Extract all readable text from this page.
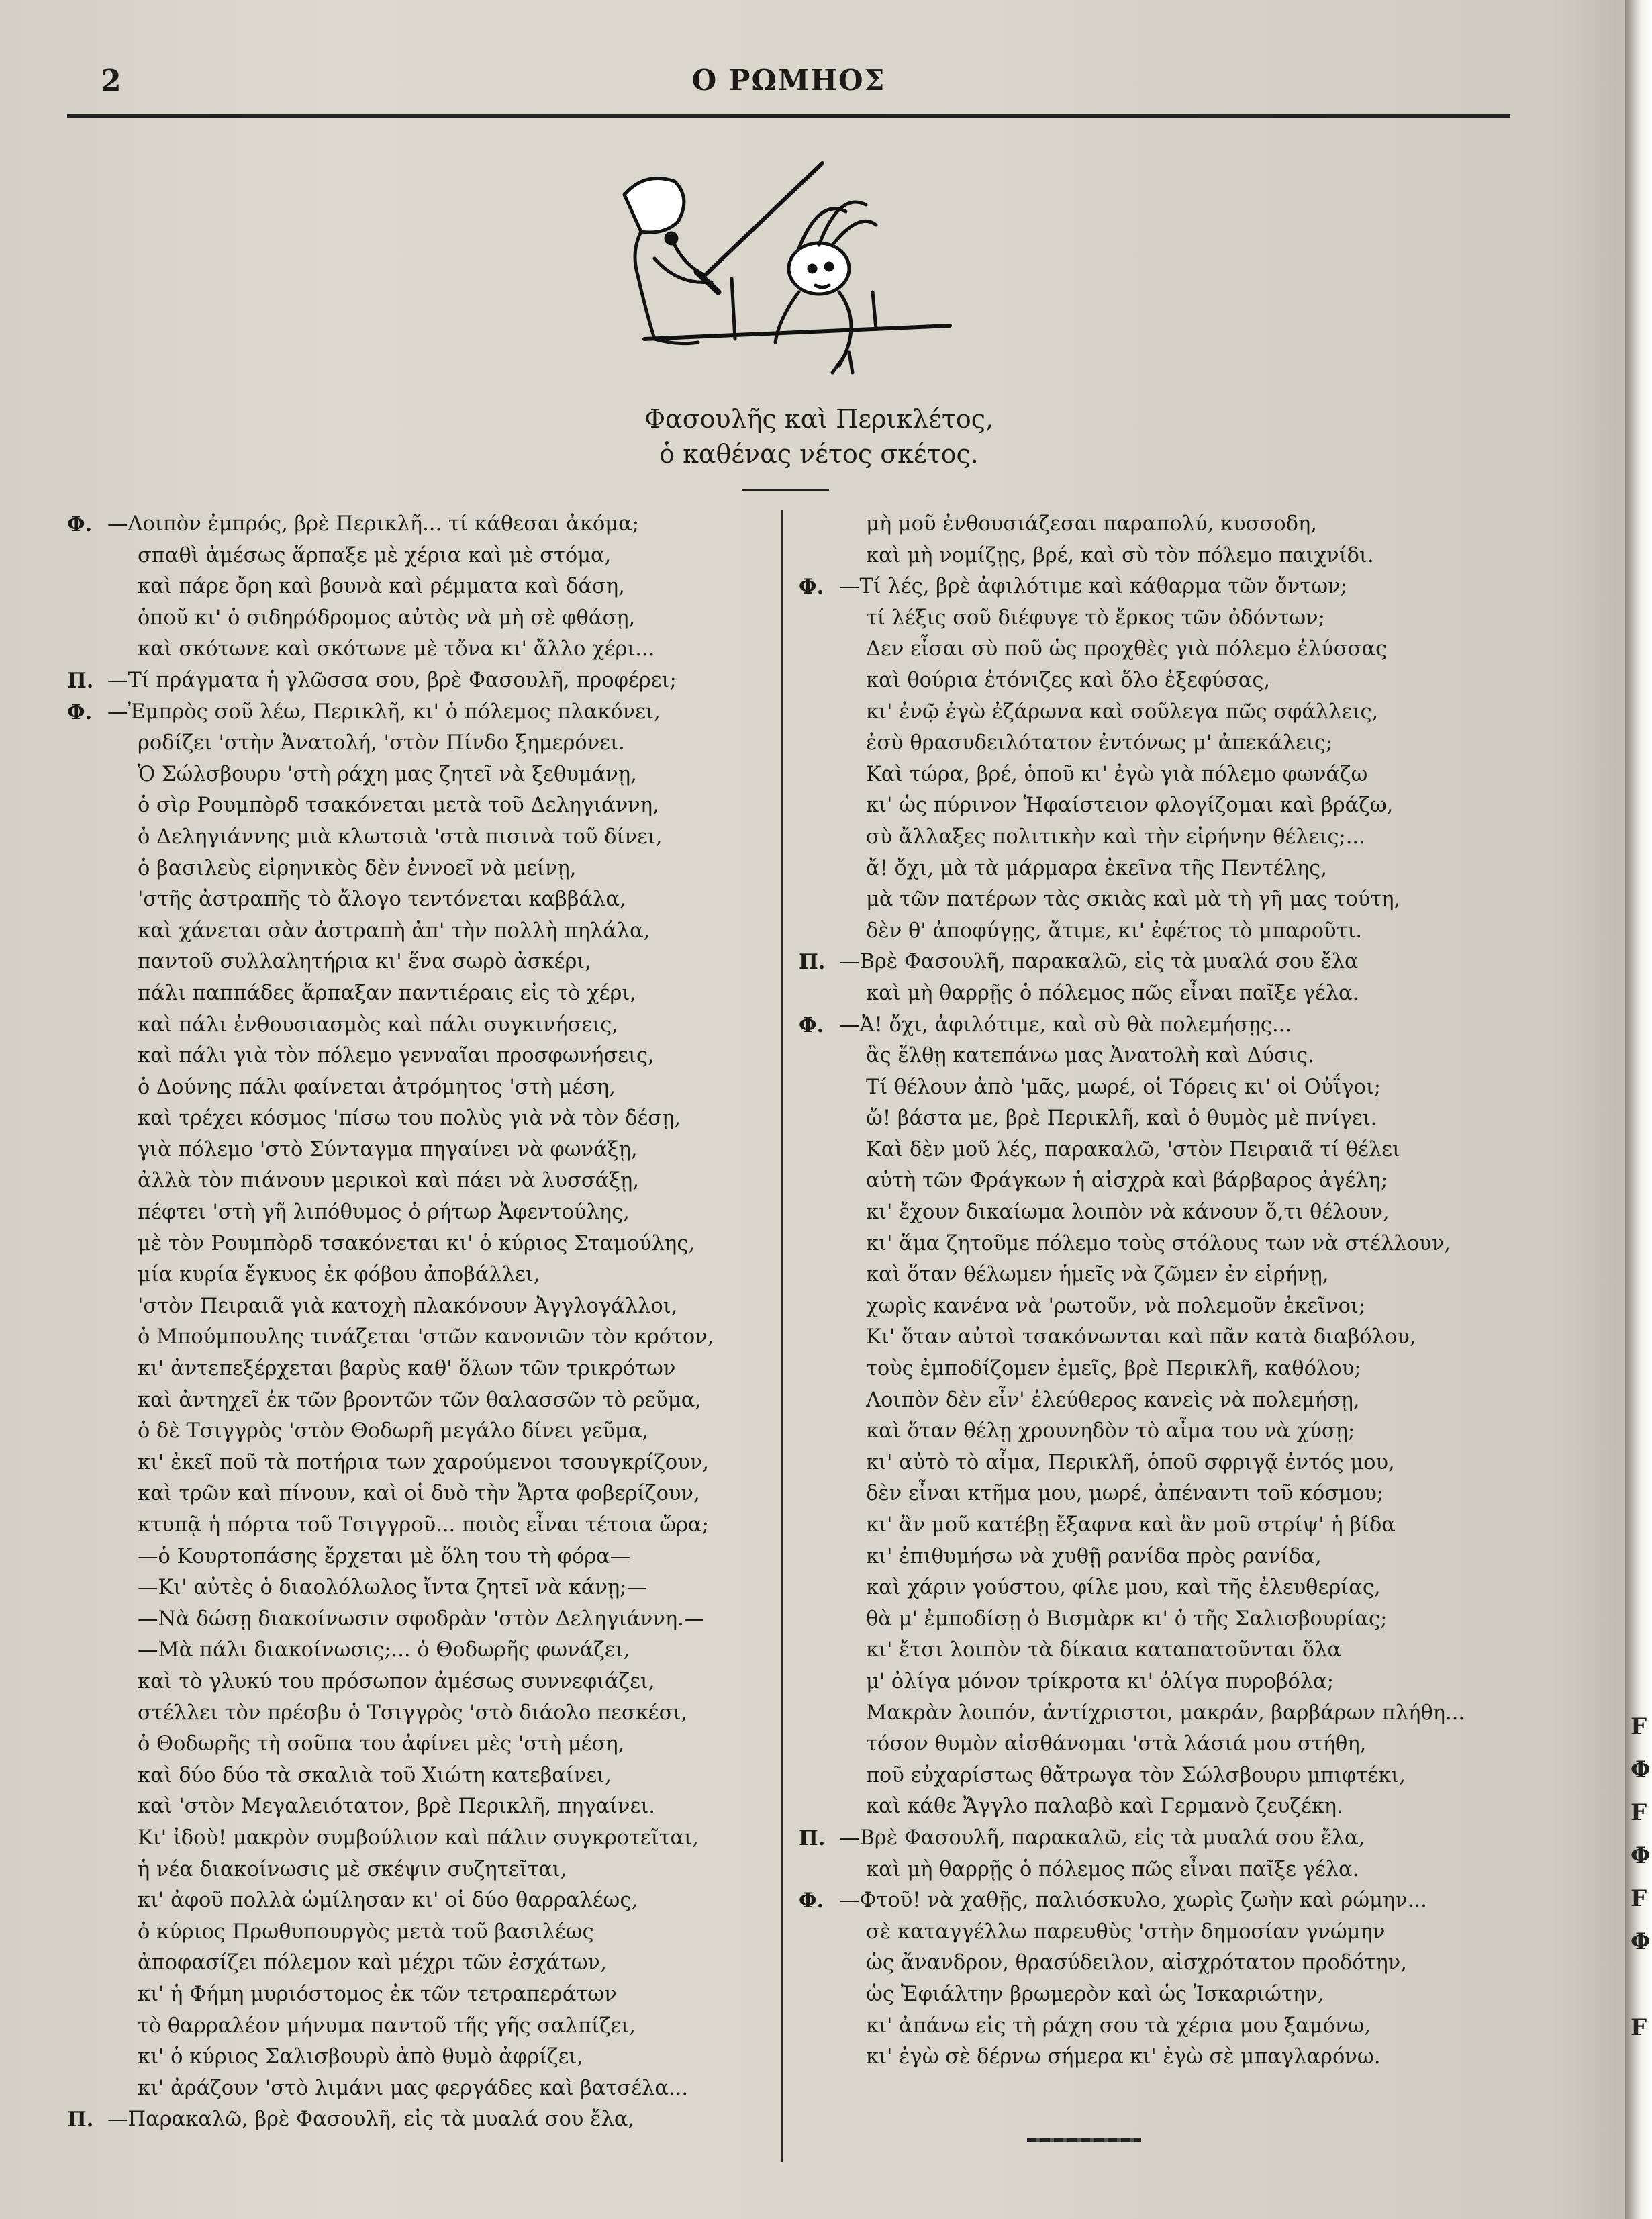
2	Ο ΡΩΜΗΟΣ
Φασουλῆς καὶ Περικλέτος,
ὁ καθένας νέτος σκέτος.
Φ. —Λοιπὸν ἐμπρός, βρὲ Περικλῆ... τί κάθεσαι ἀκόμα;
σπαθὶ ἀμέσως ἅρπαξε μὲ χέρια καὶ μὲ στόμα,
καὶ πάρε ὄρη καὶ βουνὰ καὶ ρέμματα καὶ δάση,
ὁποῦ κι' ὁ σιδηρόδρομος αὐτὸς νὰ μὴ σὲ φθάσῃ,
καὶ σκότωνε καὶ σκότωνε μὲ τὄνα κι' ἄλλο χέρι...
Π. —Τί πράγματα ἡ γλῶσσα σου, βρὲ Φασουλῆ, προφέρει;
Φ. —Ἐμπρὸς σοῦ λέω, Περικλῆ, κι' ὁ πόλεμος πλακόνει,
ροδίζει 'στὴν Ἀνατολή, 'στὸν Πίνδο ξημερόνει.
Ὁ Σώλσβουρυ 'στὴ ράχη μας ζητεῖ νὰ ξεθυμάνῃ,
ὁ σὶρ Ρουμπὸρδ τσακόνεται μετὰ τοῦ Δεληγιάννη,
ὁ Δεληγιάννης μιὰ κλωτσιὰ 'στὰ πισινὰ τοῦ δίνει,
ὁ βασιλεὺς εἰρηνικὸς δὲν ἐννοεῖ νὰ μείνῃ,
'στῆς ἀστραπῆς τὸ ἄλογο τεντόνεται καββάλα,
καὶ χάνεται σὰν ἀστραπὴ ἀπ' τὴν πολλὴ πηλάλα,
παντοῦ συλλαλητήρια κι' ἕνα σωρὸ ἀσκέρι,
πάλι παππάδες ἅρπαξαν παντιέραις εἰς τὸ χέρι,
καὶ πάλι ἐνθουσιασμὸς καὶ πάλι συγκινήσεις,
καὶ πάλι γιὰ τὸν πόλεμο γενναῖαι προσφωνήσεις,
ὁ Δούνης πάλι φαίνεται ἀτρόμητος 'στὴ μέση,
καὶ τρέχει κόσμος 'πίσω του πολὺς γιὰ νὰ τὸν δέσῃ,
γιὰ πόλεμο 'στὸ Σύνταγμα πηγαίνει νὰ φωνάξῃ,
ἀλλὰ τὸν πιάνουν μερικοὶ καὶ πάει νὰ λυσσάξῃ,
πέφτει 'στὴ γῆ λιπόθυμος ὁ ρήτωρ Ἀφεντούλης,
μὲ τὸν Ρουμπὸρδ τσακόνεται κι' ὁ κύριος Σταμούλης,
μία κυρία ἔγκυος ἐκ φόβου ἀποβάλλει,
'στὸν Πειραιᾶ γιὰ κατοχὴ πλακόνουν Ἀγγλογάλλοι,
ὁ Μπούμπουλης τινάζεται 'στῶν κανονιῶν τὸν κρότον,
κι' ἀντεπεξέρχεται βαρὺς καθ' ὅλων τῶν τρικρότων
καὶ ἀντηχεῖ ἐκ τῶν βροντῶν τῶν θαλασσῶν τὸ ρεῦμα,
ὁ δὲ Τσιγγρὸς 'στὸν Θοδωρῆ μεγάλο δίνει γεῦμα,
κι' ἐκεῖ ποῦ τὰ ποτήρια των χαρούμενοι τσουγκρίζουν,
καὶ τρῶν καὶ πίνουν, καὶ οἱ δυὸ τὴν Ἄρτα φοβερίζουν,
κτυπᾷ ἡ πόρτα τοῦ Τσιγγροῦ... ποιὸς εἶναι τέτοια ὥρα;
—ὁ Κουρτοπάσης ἔρχεται μὲ ὅλη του τὴ φόρα—
—Κι' αὐτὲς ὁ διαολόλωλος ἴντα ζητεῖ νὰ κάνῃ;—
—Νὰ δώσῃ διακοίνωσιν σφοδρὰν 'στὸν Δεληγιάννη.—
—Μὰ πάλι διακοίνωσις;... ὁ Θοδωρῆς φωνάζει,
καὶ τὸ γλυκύ του πρόσωπον ἀμέσως συννεφιάζει,
στέλλει τὸν πρέσβυ ὁ Τσιγγρὸς 'στὸ διάολο πεσκέσι,
ὁ Θοδωρῆς τὴ σοῦπα του ἀφίνει μὲς 'στὴ μέση,
καὶ δύο δύο τὰ σκαλιὰ τοῦ Χιώτη κατεβαίνει,
καὶ 'στὸν Μεγαλειότατον, βρὲ Περικλῆ, πηγαίνει.
Κι' ἰδοὺ! μακρὸν συμβούλιον καὶ πάλιν συγκροτεῖται,
ἡ νέα διακοίνωσις μὲ σκέψιν συζητεῖται,
κι' ἀφοῦ πολλὰ ὡμίλησαν κι' οἱ δύο θαρραλέως,
ὁ κύριος Πρωθυπουργὸς μετὰ τοῦ βασιλέως
ἀποφασίζει πόλεμον καὶ μέχρι τῶν ἐσχάτων,
κι' ἡ Φήμη μυριόστομος ἐκ τῶν τετραπεράτων
τὸ θαρραλέον μήνυμα παντοῦ τῆς γῆς σαλπίζει,
κι' ὁ κύριος Σαλισβουρὺ ἀπὸ θυμὸ ἀφρίζει,
κι' ἀράζουν 'στὸ λιμάνι μας φεργάδες καὶ βατσέλα...
Π. —Παρακαλῶ, βρὲ Φασουλῆ, εἰς τὰ μυαλά σου ἔλα,
μὴ μοῦ ἐνθουσιάζεσαι παραπολύ, κυσσοδη,
καὶ μὴ νομίζῃς, βρέ, καὶ σὺ τὸν πόλεμο παιχνίδι.
Φ. —Τί λές, βρὲ ἀφιλότιμε καὶ κάθαρμα τῶν ὄντων;
τί λέξις σοῦ διέφυγε τὸ ἕρκος τῶν ὀδόντων;
Δεν εἶσαι σὺ ποῦ ὡς προχθὲς γιὰ πόλεμο ἐλύσσας
καὶ θούρια ἐτόνιζες καὶ ὅλο ἐξεφύσας,
κι' ἐνῷ ἐγὼ ἐζάρωνα καὶ σοῦλεγα πῶς σφάλλεις,
ἐσὺ θρασυδειλότατον ἐντόνως μ' ἀπεκάλεις;
Καὶ τώρα, βρέ, ὁποῦ κι' ἐγὼ γιὰ πόλεμο φωνάζω
κι' ὡς πύρινον Ἡφαίστειον φλογίζομαι καὶ βράζω,
σὺ ἄλλαξες πολιτικὴν καὶ τὴν εἰρήνην θέλεις;...
ἄ! ὄχι, μὰ τὰ μάρμαρα ἐκεῖνα τῆς Πεντέλης,
μὰ τῶν πατέρων τὰς σκιὰς καὶ μὰ τὴ γῆ μας τούτη,
δὲν θ' ἀποφύγῃς, ἄτιμε, κι' ἐφέτος τὸ μπαροῦτι.
Π. —Βρὲ Φασουλῆ, παρακαλῶ, εἰς τὰ μυαλά σου ἔλα
καὶ μὴ θαρρῇς ὁ πόλεμος πῶς εἶναι παῖξε γέλα.
Φ. —Ἀ! ὄχι, ἀφιλότιμε, καὶ σὺ θὰ πολεμήσῃς...
ἂς ἔλθῃ κατεπάνω μας Ἀνατολὴ καὶ Δύσις.
Τί θέλουν ἀπὸ 'μᾶς, μωρέ, οἱ Τόρεις κι' οἱ Οὐΐγοι;
ὤ! βάστα με, βρὲ Περικλῆ, καὶ ὁ θυμὸς μὲ πνίγει.
Καὶ δὲν μοῦ λές, παρακαλῶ, 'στὸν Πειραιᾶ τί θέλει
αὐτὴ τῶν Φράγκων ἡ αἰσχρὰ καὶ βάρβαρος ἀγέλη;
κι' ἔχουν δικαίωμα λοιπὸν νὰ κάνουν ὅ,τι θέλουν,
κι' ἅμα ζητοῦμε πόλεμο τοὺς στόλους των νὰ στέλλουν,
καὶ ὅταν θέλωμεν ἡμεῖς νὰ ζῶμεν ἐν εἰρήνῃ,
χωρὶς κανένα νὰ 'ρωτοῦν, νὰ πολεμοῦν ἐκεῖνοι;
Κι' ὅταν αὐτοὶ τσακόνωνται καὶ πᾶν κατὰ διαβόλου,
τοὺς ἐμποδίζομεν ἐμεῖς, βρὲ Περικλῆ, καθόλου;
Λοιπὸν δὲν εἶν' ἐλεύθερος κανεὶς νὰ πολεμήσῃ,
καὶ ὅταν θέλῃ χρουνηδὸν τὸ αἷμα του νὰ χύσῃ;
κι' αὐτὸ τὸ αἷμα, Περικλῆ, ὁποῦ σφριγᾷ ἐντός μου,
δὲν εἶναι κτῆμα μου, μωρέ, ἀπέναντι τοῦ κόσμου;
κι' ἂν μοῦ κατέβῃ ἔξαφνα καὶ ἂν μοῦ στρίψ' ἡ βίδα
κι' ἐπιθυμήσω νὰ χυθῇ ρανίδα πρὸς ρανίδα,
καὶ χάριν γούστου, φίλε μου, καὶ τῆς ἐλευθερίας,
θὰ μ' ἐμποδίσῃ ὁ Βισμὰρκ κι' ὁ τῆς Σαλισβουρίας;
κι' ἔτσι λοιπὸν τὰ δίκαια καταπατοῦνται ὅλα
μ' ὀλίγα μόνον τρίκροτα κι' ὀλίγα πυροβόλα;
Μακρὰν λοιπόν, ἀντίχριστοι, μακράν, βαρβάρων πλήθη...
τόσον θυμὸν αἰσθάνομαι 'στὰ λάσιά μου στήθη,
ποῦ εὐχαρίστως θἄτρωγα τὸν Σώλσβουρυ μπιφτέκι,
καὶ κάθε Ἄγγλο παλαβὸ καὶ Γερμανὸ ζευζέκη.
Π. —Βρὲ Φασουλῆ, παρακαλῶ, εἰς τὰ μυαλά σου ἔλα,
καὶ μὴ θαρρῇς ὁ πόλεμος πῶς εἶναι παῖξε γέλα.
Φ. —Φτοῦ! νὰ χαθῇς, παλιόσκυλο, χωρὶς ζωὴν καὶ ρώμην...
σὲ καταγγέλλω παρευθὺς 'στὴν δημοσίαν γνώμην
ὡς ἄνανδρον, θρασύδειλον, αἰσχρότατον προδότην,
ὡς Ἐφιάλτην βρωμερὸν καὶ ὡς Ἰσκαριώτην,
κι' ἀπάνω εἰς τὴ ράχη σου τὰ χέρια μου ξαμόνω,
κι' ἐγὼ σὲ δέρνω σήμερα κι' ἐγὼ σὲ μπαγλαρόνω.
F
Φ
F
Φ
F
Φ

F
